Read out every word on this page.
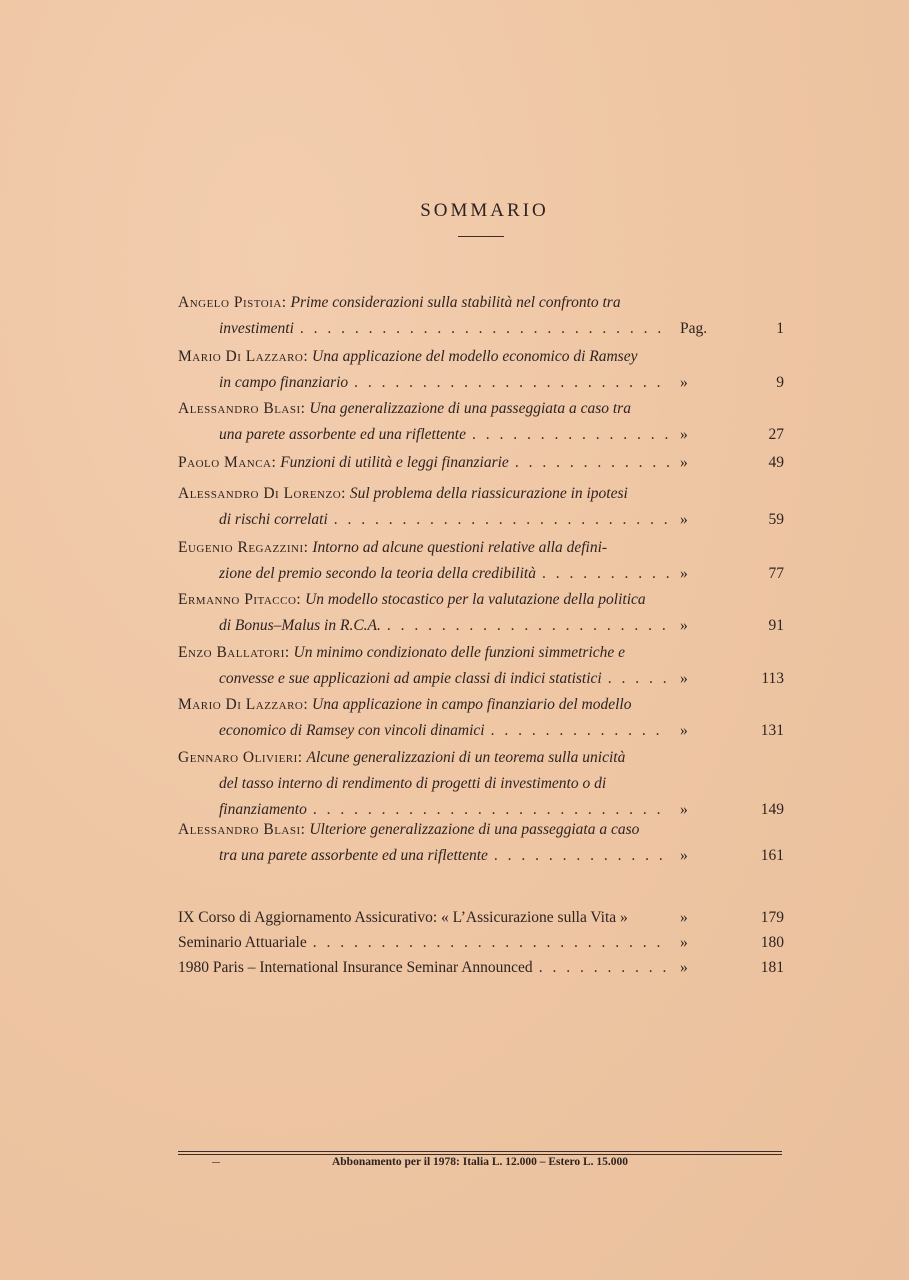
SOMMARIO
Angelo Pistoia: Prime considerazioni sulla stabilità nel confronto tra
investimenti . . .	Pag.	1
Mario Di Lazzaro: Una applicazione del modello economico di Ramsey
in campo finanziario . . .	»	9
Alessandro Blasi: Una generalizzazione di una passeggiata a caso tra
una parete assorbente ed una riflettente . . .	»	27
Paolo Manca: Funzioni di utilità e leggi finanziarie . . .	»	49
Alessandro Di Lorenzo: Sul problema della riassicurazione in ipotesi
di rischi correlati . . .	»	59
Eugenio Regazzini: Intorno ad alcune questioni relative alla defini-
zione del premio secondo la teoria della credibilità . . .	»	77
Ermanno Pitacco: Un modello stocastico per la valutazione della politica
di Bonus–Malus in R.C.A. . . .	»	91
Enzo Ballatori: Un minimo condizionato delle funzioni simmetriche e
convesse e sue applicazioni ad ampie classi di indici statistici . . .	»	113
Mario Di Lazzaro: Una applicazione in campo finanziario del modello
economico di Ramsey con vincoli dinamici . . .	»	131
Gennaro Olivieri: Alcune generalizzazioni di un teorema sulla unicità
del tasso interno di rendimento di progetti di investimento o di
finanziamento . . .	»	149
Alessandro Blasi: Ulteriore generalizzazione di una passeggiata a caso
tra una parete assorbente ed una riflettente . . .	»	161
IX Corso di Aggiornamento Assicurativo: « L’Assicurazione sulla Vita »	»	179
Seminario Attuariale . . .	»	180
1980 Paris – International Insurance Seminar Announced . . .	»	181
Abbonamento per il 1978: Italia L. 12.000 – Estero L. 15.000
